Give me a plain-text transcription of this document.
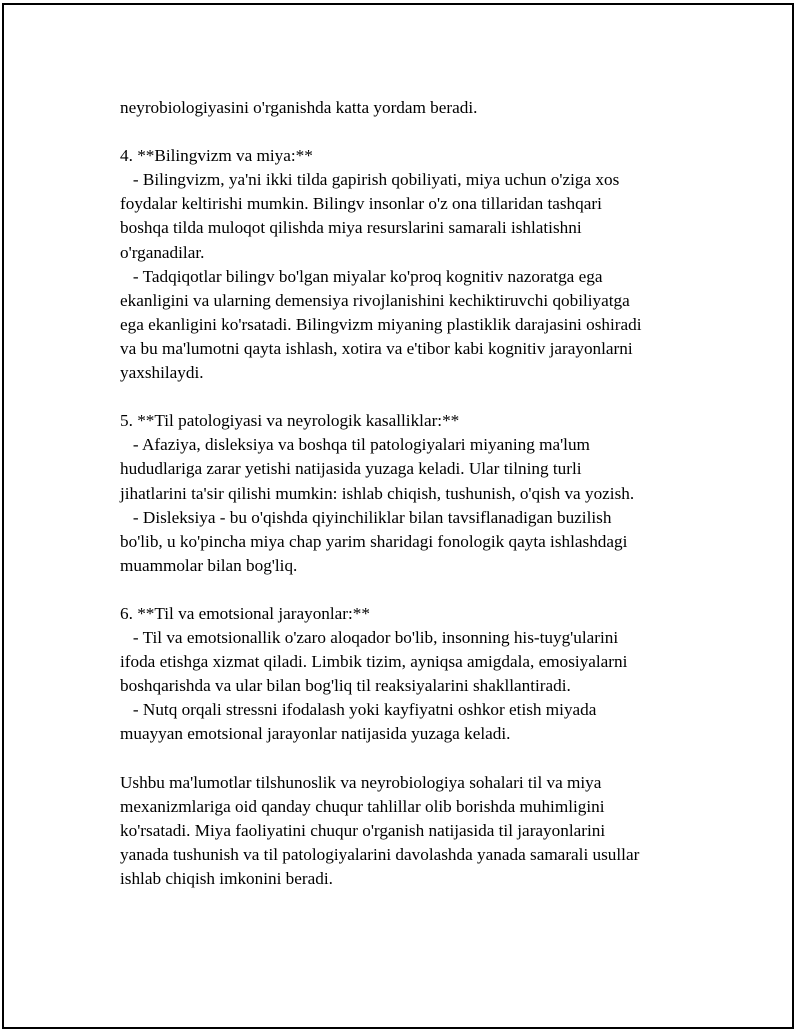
neyrobiologiyasini o'rganishda katta yordam beradi.
4. **Bilingvizm va miya:**
- Bilingvizm, ya'ni ikki tilda gapirish qobiliyati, miya uchun o'ziga xos
foydalar keltirishi mumkin. Bilingv insonlar o'z ona tillaridan tashqari
boshqa tilda muloqot qilishda miya resurslarini samarali ishlatishni
o'rganadilar.
- Tadqiqotlar bilingv bo'lgan miyalar ko'proq kognitiv nazoratga ega
ekanligini va ularning demensiya rivojlanishini kechiktiruvchi qobiliyatga
ega ekanligini ko'rsatadi. Bilingvizm miyaning plastiklik darajasini oshiradi
va bu ma'lumotni qayta ishlash, xotira va e'tibor kabi kognitiv jarayonlarni
yaxshilaydi.
5. **Til patologiyasi va neyrologik kasalliklar:**
- Afaziya, disleksiya va boshqa til patologiyalari miyaning ma'lum
hududlariga zarar yetishi natijasida yuzaga keladi. Ular tilning turli
jihatlarini ta'sir qilishi mumkin: ishlab chiqish, tushunish, o'qish va yozish.
- Disleksiya - bu o'qishda qiyinchiliklar bilan tavsiflanadigan buzilish
bo'lib, u ko'pincha miya chap yarim sharidagi fonologik qayta ishlashdagi
muammolar bilan bog'liq.
6. **Til va emotsional jarayonlar:**
- Til va emotsionallik o'zaro aloqador bo'lib, insonning his-tuyg'ularini
ifoda etishga xizmat qiladi. Limbik tizim, ayniqsa amigdala, emosiyalarni
boshqarishda va ular bilan bog'liq til reaksiyalarini shakllantiradi.
- Nutq orqali stressni ifodalash yoki kayfiyatni oshkor etish miyada
muayyan emotsional jarayonlar natijasida yuzaga keladi.
Ushbu ma'lumotlar tilshunoslik va neyrobiologiya sohalari til va miya
mexanizmlariga oid qanday chuqur tahlillar olib borishda muhimligini
ko'rsatadi. Miya faoliyatini chuqur o'rganish natijasida til jarayonlarini
yanada tushunish va til patologiyalarini davolashda yanada samarali usullar
ishlab chiqish imkonini beradi.
